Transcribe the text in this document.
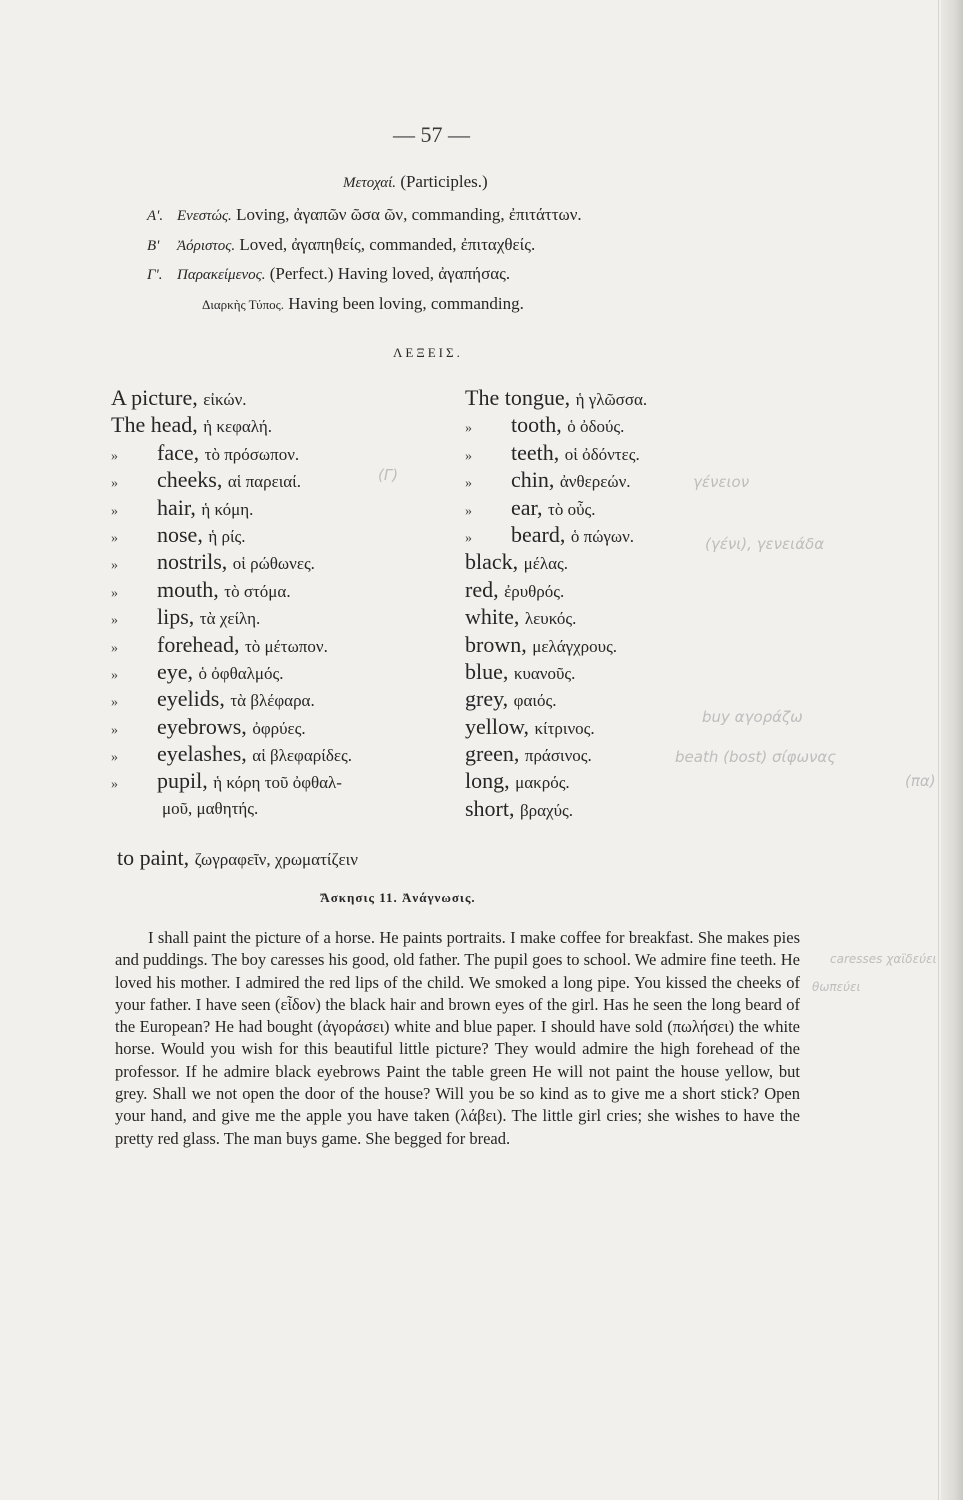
— 57 —
Μετοχαί. (Participles.)
Α'. Ενεστώς. Loving, ἀγαπῶν ῶσα ῶν, commanding, ἐπιτάττων.
Β' Ἀόριστος. Loved, ἀγαπηθείς, commanded, ἐπιταχθείς.
Γ'. Παρακείμενος. (Perfect.) Having loved, ἀγαπήσας.
Διαρκὴς Τύπος. Having been loving, commanding.
ΛΕΞΕΙΣ.
A picture, εἰκών.
The head, ἡ κεφαλή.
» face, τὸ πρόσωπον.
» cheeks, αἱ παρειαί.
» hair, ἡ κόμη.
» nose, ἡ ρίς.
» nostrils, οἱ ρώθωνες.
» mouth, τὸ στόμα.
» lips, τὰ χείλη.
» forehead, τὸ μέτωπον.
» eye, ὁ ὀφθαλμός.
» eyelids, τὰ βλέφαρα.
» eyebrows, ὀφρύες.
» eyelashes, αἱ βλεφαρίδες.
» pupil, ἡ κόρη τοῦ ὀφθαλ-
μοῦ, μαθητής.
The tongue, ἡ γλῶσσα.
» tooth, ὁ ὀδούς.
» teeth, οἱ ὀδόντες.
» chin, ἀνθερεών.
» ear, τὸ οὖς.
» beard, ὁ πώγων.
black, μέλας.
red, ἐρυθρός.
white, λευκός.
brown, μελάγχρους.
blue, κυανοῦς.
grey, φαιός.
yellow, κίτρινος.
green, πράσινος.
long, μακρός.
short, βραχύς.
to paint, ζωγραφεῖν, χρωματίζειν
Ἄσκησις 11. Ἀνάγνωσις.
I shall paint the picture of a horse. He paints portraits. I make coffee for breakfast. She makes pies and puddings. The boy caresses his good, old father. The pupil goes to school. We admire fine teeth. He loved his mother. I admired the red lips of the child. We smoked a long pipe. You kissed the cheeks of your father. I have seen (εἶδον) the black hair and brown eyes of the girl. Has he seen the long beard of the European? He had bought (ἀγοράσει) white and blue paper. I should have sold (πωλήσει) the white horse. Would you wish for this beautiful little picture? They would admire the high forehead of the professor. If he admire black eyebrows Paint the table green He will not paint the house yellow, but grey. Shall we not open the door of the house? Will you be so kind as to give me a short stick? Open your hand, and give me the apple you have taken (λάβει). The little girl cries; she wishes to have the pretty red glass. The man buys game. She begged for bread.
(Γ)	γένειον
(γένι), γενειάδα
buy αγοράζω
beath (bost) σίφωνας
(πα)
caresses χαϊδεύει
θωπεύει
